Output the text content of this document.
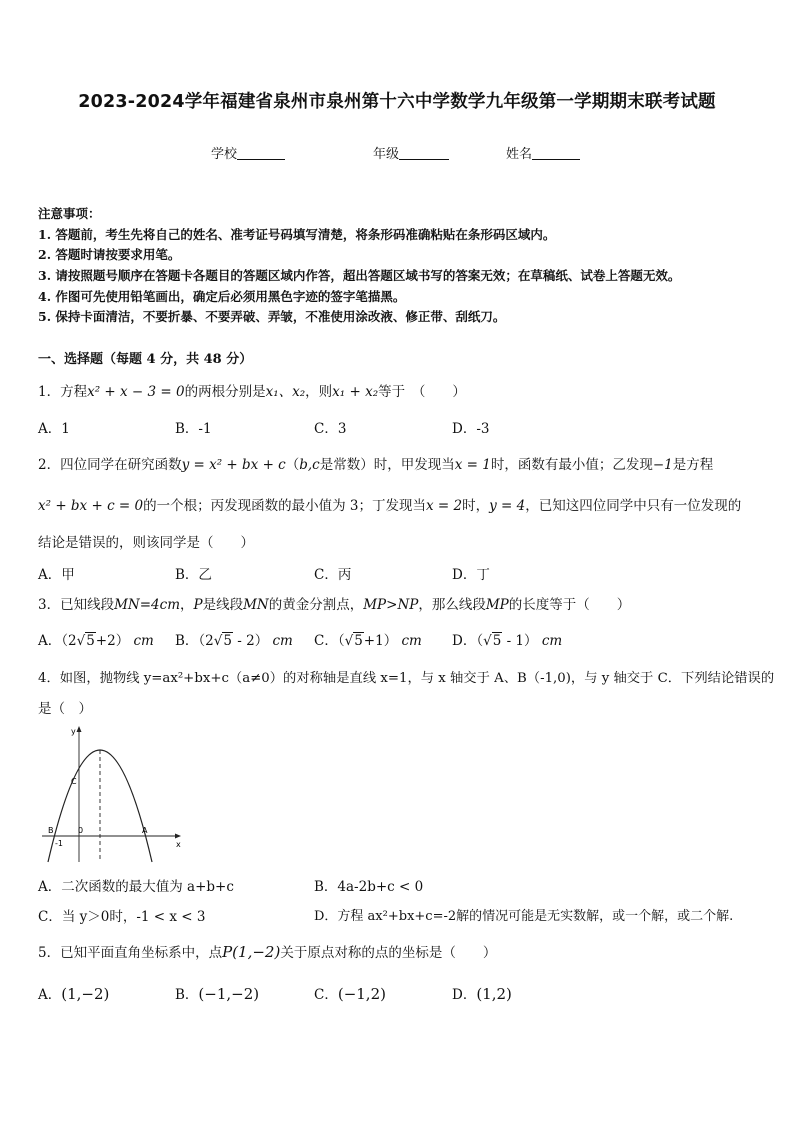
2023-2024学年福建省泉州市泉州第十六中学数学九年级第一学期期末联考试题
学校	年级	姓名
注意事项：
1. 答题前，考生先将自己的姓名、准考证号码填写清楚，将条形码准确粘贴在条形码区域内。
2. 答题时请按要求用笔。
3. 请按照题号顺序在答题卡各题目的答题区域内作答，超出答题区域书写的答案无效；在草稿纸、试卷上答题无效。
4. 作图可先使用铅笔画出，确定后必须用黑色字迹的签字笔描黑。
5. 保持卡面清洁，不要折暴、不要弄破、弄皱，不准使用涂改液、修正带、刮纸刀。
一、选择题（每题 4 分，共 48 分）
1．方程x² + x − 3 = 0的两根分别是x₁、x₂，则x₁ + x₂等于　（　　）
A．1	B．-1	C．3	D．-3
2．四位同学在研究函数y = x² + bx + c（b,c是常数）时，甲发现当x = 1时，函数有最小值；乙发现−1是方程
x² + bx + c = 0的一个根；丙发现函数的最小值为 3；丁发现当x = 2时，y = 4，已知这四位同学中只有一位发现的
结论是错误的，则该同学是（　　）
A．甲	B．乙	C．丙	D．丁
3．已知线段MN=4cm，P是线段MN的黄金分割点，MP>NP，那么线段MP的长度等于（　　）
A．（2√5+2） cm B．（2√5 - 2） cm C．（√5+1） cm D．（√5 - 1） cm
4．如图，抛物线 y=ax²+bx+c（a≠0）的对称轴是直线 x=1，与 x 轴交于 A、B（-1,0)，与 y 轴交于 C．下列结论错误的
是（　）
y
x
C
B	0	A
-1
A．二次函数的最大值为 a+b+c	B．4a-2b+c < 0
C．当 y＞0时，-1 < x < 3	D．方程 ax²+bx+c=-2解的情况可能是无实数解，或一个解，或二个解.
5．已知平面直角坐标系中，点P(1,−2)关于原点对称的点的坐标是（　　）
A．(1,−2)	B．(−1,−2)	C．(−1,2)	D．(1,2)
